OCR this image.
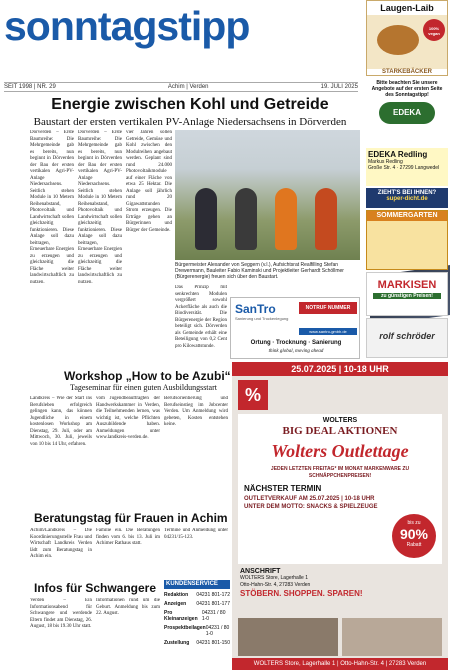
sonntagstipp
SEIT 1998 | NR. 29	Achim | Verden	19. JULI 2025
Energie zwischen Kohl und Getreide
Baustart der ersten vertikalen PV-Anlage Niedersachsens in Dörverden
Dörverden – Erste Baumreihe: Die Mehrgemeinde gab es bereits, nun beginnt in Dörverden der Bau der ersten vertikalen Agri-PV-Anlage Niedersachsens. Seitlich stehen Module in 10 Metern Reihenabstand, Photovoltaik und Landwirtschaft sollen gleichzeitig funktionieren. Diese Anlage soll dazu beitragen, Erneuerbare Energien zu erzeugen und gleichzeitig die Fläche weiter landwirtschaftlich zu nutzen.
Dörverden – Erste Baumreihe: Die Mehrgemeinde gab es bereits, nun beginnt in Dörverden der Bau der ersten vertikalen Agri-PV-Anlage Niedersachsens. Seitlich stehen Module in 10 Metern Reihenabstand, Photovoltaik und Landwirtschaft sollen gleichzeitig funktionieren. Diese Anlage soll dazu beitragen, Erneuerbare Energien zu erzeugen und gleichzeitig die Fläche weiter landwirtschaftlich zu nutzen.
vier Jahren sollen Getreide, Gemüse und Kohl zwischen den Modulreihen angebaut werden. Geplant sind rund 24.000 Photovoltaikmodule auf einer Fläche von etwa 25 Hektar. Die Anlage soll jährlich rund 20 Gigawattstunden Strom erzeugen. Die Erträge gehen an Bürgerinnen und Bürger der Gemeinde.
Bürgermeister Alexander von Seggern (v.l.), Aufsichtsrat Realfilling Stefan Drewermann, Bauleiter Fabio Kaminski und Projektleiter Gerhardt Schöllmer (Bürgerenergie) freuen sich über den Baustart.
Das Prinzip mit senkrechten Modulen vergrößert sowohl Ackerfläche als auch die Biodiversität. Die Bürgerenergie der Region beteiligt sich. Dörverden als Gemeinde erhält eine Beteiligung von 0,2 Cent pro Kilowattstunde.
SanTro
Sanierung und Trockenlegung
NOTRUF NUMMER
www.santro-gmbh.de
Ortung · Trocknung · Sanierung
think global, moving ahead
Workshop „How to be Azubi“
Tageseminar für einen guten Ausbildungsstart
Landkreis – Wie der Start ins Berufsleben erfolgreich gelingen kann, das können Jugendliche in einem kostenlosen Workshop am Dienstag, 29. Juli, oder am Mittwoch, 30. Juli, jeweils von 10 bis 14 Uhr, erfahren.
vom Jugendbeauftragten der Handwerkskammer in Verden, die Teilnehmenden lernen, was wichtig ist, welche Pflichten Auszubildende haben. Anmeldungen unter www.landkreis-verden.de.
Berufsorientierung und Berufseinstieg im Jobcenter Verden. Um Anmeldung wird gebeten, Kosten entstehen keine.
Beratungstag für Frauen in Achim
Achim/Landkreis – Die Koordinierungsstelle Frau und Wirtschaft Landkreis Verden lädt zum Beratungstag in Achim ein.
Familie ein. Die Beratungen finden vom 6. bis 13. Juli im Achimer Rathaus statt.
Termine und Anmeldung unter 04231/15-123.
Infos für Schwangere
Verden – Ein Informationsabend für Schwangere und werdende Eltern findet am Dienstag, 26. August, 18 bis 19.30 Uhr statt.
Informationen rund um die Geburt. Anmeldung bis zum 22. August.
KUNDENSERVICE
Redaktion 04231 801-172
Anzeigen 04231 801-177
Pro Kleinanzeigen
04231 / 80 1-0
Prospektbeilagen 04231 / 80 1-0
Zustellung 04231 801-150
Laugen-Laib
100% vegan
STARKEBÄCKER
Bitte beachten Sie unsere Angebote auf der ersten Seite des Sonntagstipp!
EDEKA Redling
EDEKA Redling
Markus Redling
Große Str. 4 · 27299 Langwedel
ZIEHT'S BEI IHNEN?
super-dicht.de
SOMMERGARTEN
MARKISEN
zu günstigen Preisen!
rolf schröder
25.07.2025 | 10-18 UHR
%
WOLTERS
BIG DEAL AKTIONEN
Wolters Outlettage
JEDEN LETZTEN FREITAG* IM MONAT MARKENWARE ZU SCHNÄPPCHENPREISEN!
NÄCHSTER TERMIN
OUTLETVERKAUF AM 25.07.2025 | 10-18 UHR UNTER DEM MOTTO: SNACKS & SPIELZEUGE
bis zu
90%
Rabatt
ANSCHRIFT
WOLTERS Store, Lagerhalle 1
Otto-Hahn-Str. 4, 27283 Verden
STÖBERN. SHOPPEN. SPAREN!
WOLTERS Store, Lagerhalle 1 | Otto-Hahn-Str. 4 | 27283 Verden
